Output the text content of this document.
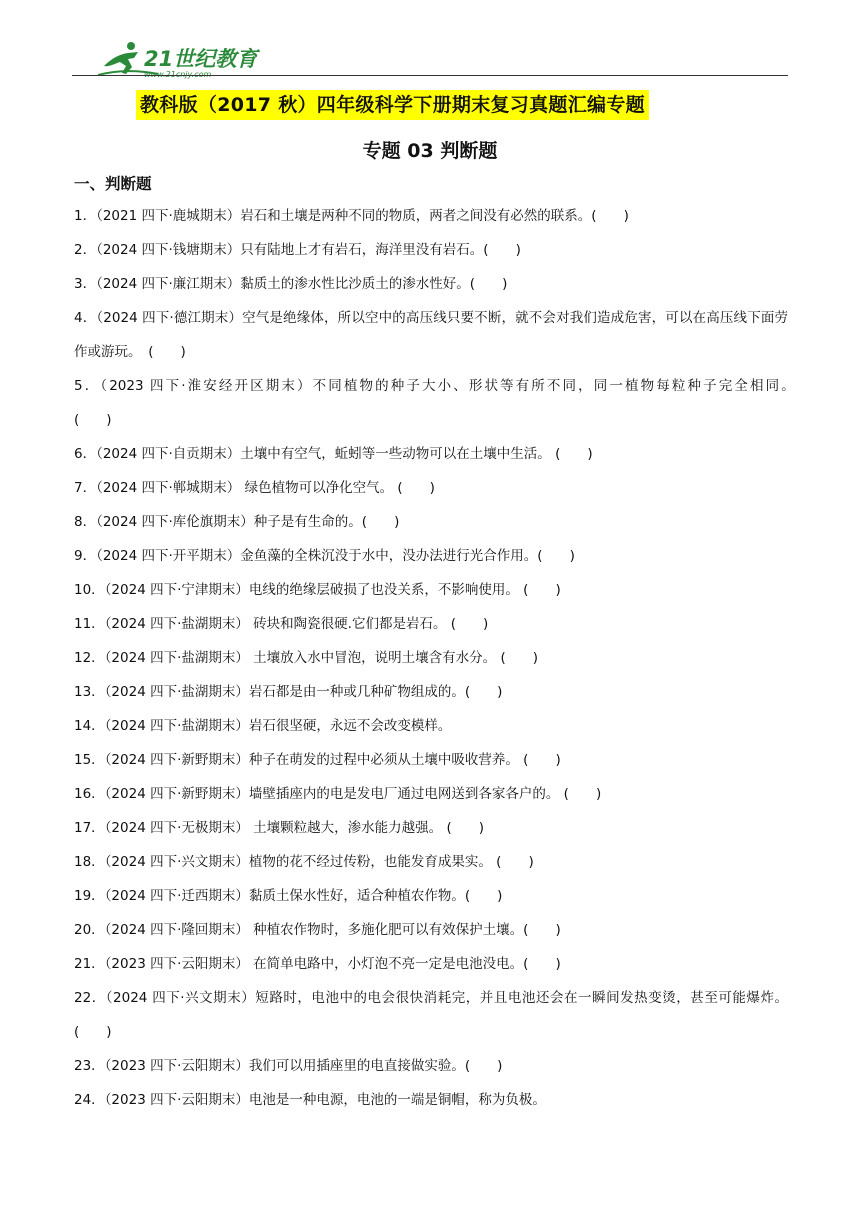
21世纪教育
www.21cnjy.com
教科版（2017 秋）四年级科学下册期末复习真题汇编专题
专题 03 判断题
一、判断题
1．（2021 四下·鹿城期末）岩石和土壤是两种不同的物质，两者之间没有必然的联系。(　　)
2．（2024 四下·钱塘期末）只有陆地上才有岩石，海洋里没有岩石。(　　)
3．（2024 四下·廉江期末）黏质土的渗水性比沙质土的渗水性好。(　　)
4．（2024 四下·德江期末）空气是绝缘体，所以空中的高压线只要不断，就不会对我们造成危害，可以在高压线下面劳作或游玩。　(　　)
5．（2023 四下·淮安经开区期末）不同植物的种子大小、形状等有所不同，同一植物每粒种子完全相同。　　　　　(　　)
6．（2024 四下·自贡期末）土壤中有空气，蚯蚓等一些动物可以在土壤中生活。 (　　)
7．（2024 四下·郸城期末） 绿色植物可以净化空气。 (　　)
8．（2024 四下·库伦旗期末）种子是有生命的。(　　)
9．（2024 四下·开平期末）金鱼藻的全株沉没于水中，没办法进行光合作用。(　　)
10．（2024 四下·宁津期末）电线的绝缘层破损了也没关系，不影响使用。 (　　)
11．（2024 四下·盐湖期末） 砖块和陶瓷很硬.它们都是岩石。 (　　)
12．（2024 四下·盐湖期末） 土壤放入水中冒泡，说明土壤含有水分。 (　　)
13．（2024 四下·盐湖期末）岩石都是由一种或几种矿物组成的。(　　)
14．（2024 四下·盐湖期末）岩石很坚硬，永远不会改变模样。
15．（2024 四下·新野期末）种子在萌发的过程中必须从土壤中吸收营养。 (　　)
16．（2024 四下·新野期末）墙壁插座内的电是发电厂通过电网送到各家各户的。 (　　)
17．（2024 四下·无极期末） 土壤颗粒越大，渗水能力越强。 (　　)
18．（2024 四下·兴文期末）植物的花不经过传粉，也能发育成果实。 (　　)
19．（2024 四下·迁西期末）黏质土保水性好，适合种植农作物。(　　)
20．（2024 四下·隆回期末） 种植农作物时，多施化肥可以有效保护土壤。(　　)
21．（2023 四下·云阳期末） 在简单电路中，小灯泡不亮一定是电池没电。(　　)
22．（2024 四下·兴文期末）短路时，电池中的电会很快消耗完，并且电池还会在一瞬间发热变烫，甚至可能爆炸。(　　)
23．（2023 四下·云阳期末）我们可以用插座里的电直接做实验。(　　)
24．（2023 四下·云阳期末）电池是一种电源，电池的一端是铜帽，称为负极。
